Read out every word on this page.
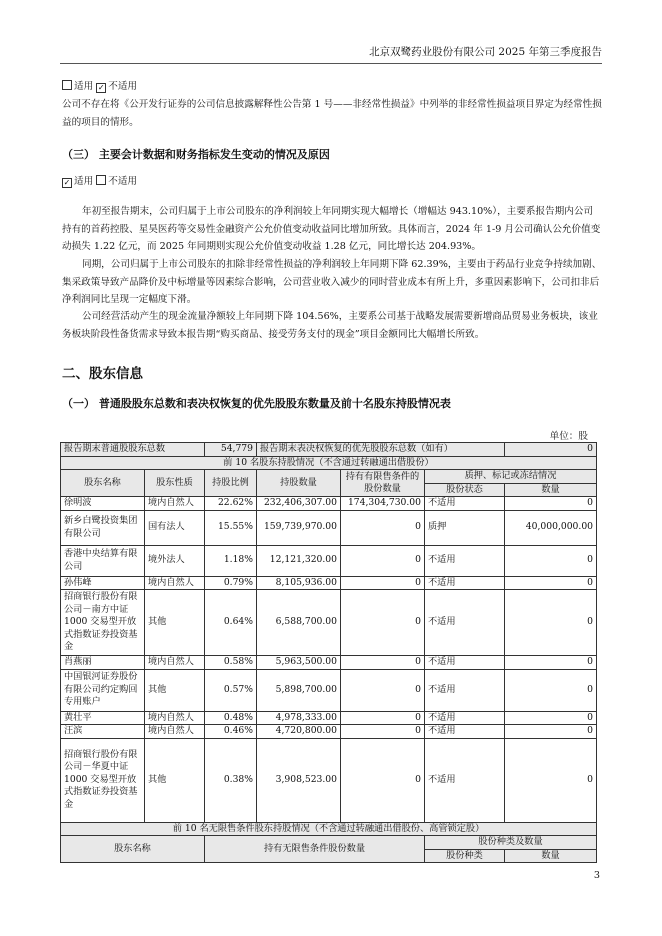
北京双鹭药业股份有限公司 2025 年第三季度报告
适用 ✓ 不适用
公司不存在将《公开发行证券的公司信息披露解释性公告第 1 号——非经常性损益》中列举的非经常性损益项目界定为经常性损益的项目的情形。
（三） 主要会计数据和财务指标发生变动的情况及原因
✓ 适用 不适用
年初至报告期末，公司归属于上市公司股东的净利润较上年同期实现大幅增长（增幅达 943.10%），主要系报告期内公司持有的首药控股、星昊医药等交易性金融资产公允价值变动收益同比增加所致。具体而言，2024 年 1-9 月公司确认公允价值变动损失 1.22 亿元，而 2025 年同期则实现公允价值变动收益 1.28 亿元，同比增长达 204.93%。
同期，公司归属于上市公司股东的扣除非经常性损益的净利润较上年同期下降 62.39%，主要由于药品行业竞争持续加剧、集采政策导致产品降价及中标增量等因素综合影响，公司营业收入减少的同时营业成本有所上升，多重因素影响下，公司扣非后净利润同比呈现一定幅度下滑。
公司经营活动产生的现金流量净额较上年同期下降 104.56%，主要系公司基于战略发展需要新增商品贸易业务板块，该业务板块阶段性备货需求导致本报告期“购买商品、接受劳务支付的现金”项目金额同比大幅增长所致。
二、股东信息
（一） 普通股股东总数和表决权恢复的优先股股东数量及前十名股东持股情况表
单位：股
报告期末普通股股东总数		54,779	报告期末表决权恢复的优先股股东总数（如有）			0
前 10 名股东持股情况（不含通过转融通出借股份）						
股东名称	股东性质	持股比例	持股数量	持有有限售条件的股份数量	质押、标记或冻结情况	
					股份状态	数量
徐明波	境内自然人	22.62%	232,406,307.00	174,304,730.00	不适用	0
新乡白鹭投资集团有限公司	国有法人	15.55%	159,739,970.00	0	质押	40,000,000.00
香港中央结算有限公司	境外法人	1.18%	12,121,320.00	0	不适用	0
孙伟峰	境内自然人	0.79%	8,105,936.00	0	不适用	0
招商银行股份有限公司－南方中证 1000 交易型开放式指数证券投资基金	其他	0.64%	6,588,700.00	0	不适用	0
肖燕丽	境内自然人	0.58%	5,963,500.00	0	不适用	0
中国银河证券股份有限公司约定购回专用账户	其他	0.57%	5,898,700.00	0	不适用	0
黄壮平	境内自然人	0.48%	4,978,333.00	0	不适用	0
汪滨	境内自然人	0.46%	4,720,800.00	0	不适用	0
招商银行股份有限公司－华夏中证 1000 交易型开放式指数证券投资基金	其他	0.38%	3,908,523.00	0	不适用	0
前 10 名无限售条件股东持股情况（不含通过转融通出借股份、高管锁定股）						
股东名称		持有无限售条件股份数量			股份种类及数量	
					股份种类	数量
3
